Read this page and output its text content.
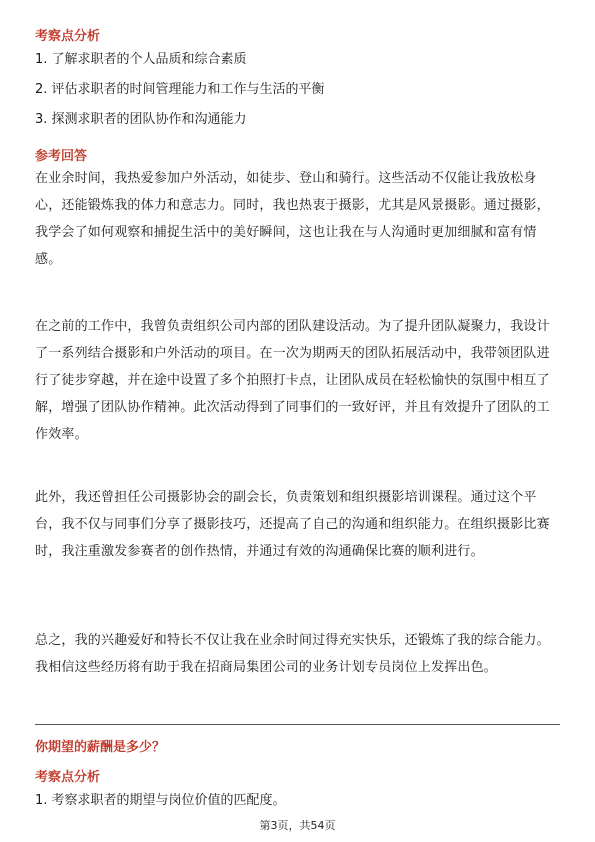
考察点分析
1. 了解求职者的个人品质和综合素质
2. 评估求职者的时间管理能力和工作与生活的平衡
3. 探测求职者的团队协作和沟通能力
参考回答
在业余时间，我热爱参加户外活动，如徒步、登山和骑行。这些活动不仅能让我放松身心，还能锻炼我的体力和意志力。同时，我也热衷于摄影，尤其是风景摄影。通过摄影，我学会了如何观察和捕捉生活中的美好瞬间，这也让我在与人沟通时更加细腻和富有情感。
在之前的工作中，我曾负责组织公司内部的团队建设活动。为了提升团队凝聚力，我设计了一系列结合摄影和户外活动的项目。在一次为期两天的团队拓展活动中，我带领团队进行了徒步穿越，并在途中设置了多个拍照打卡点，让团队成员在轻松愉快的氛围中相互了解，增强了团队协作精神。此次活动得到了同事们的一致好评，并且有效提升了团队的工作效率。
此外，我还曾担任公司摄影协会的副会长，负责策划和组织摄影培训课程。通过这个平台，我不仅与同事们分享了摄影技巧，还提高了自己的沟通和组织能力。在组织摄影比赛时，我注重激发参赛者的创作热情，并通过有效的沟通确保比赛的顺利进行。
总之，我的兴趣爱好和特长不仅让我在业余时间过得充实快乐，还锻炼了我的综合能力。我相信这些经历将有助于我在招商局集团公司的业务计划专员岗位上发挥出色。
你期望的薪酬是多少？
考察点分析
1. 考察求职者的期望与岗位价值的匹配度。
第3页，共54页
